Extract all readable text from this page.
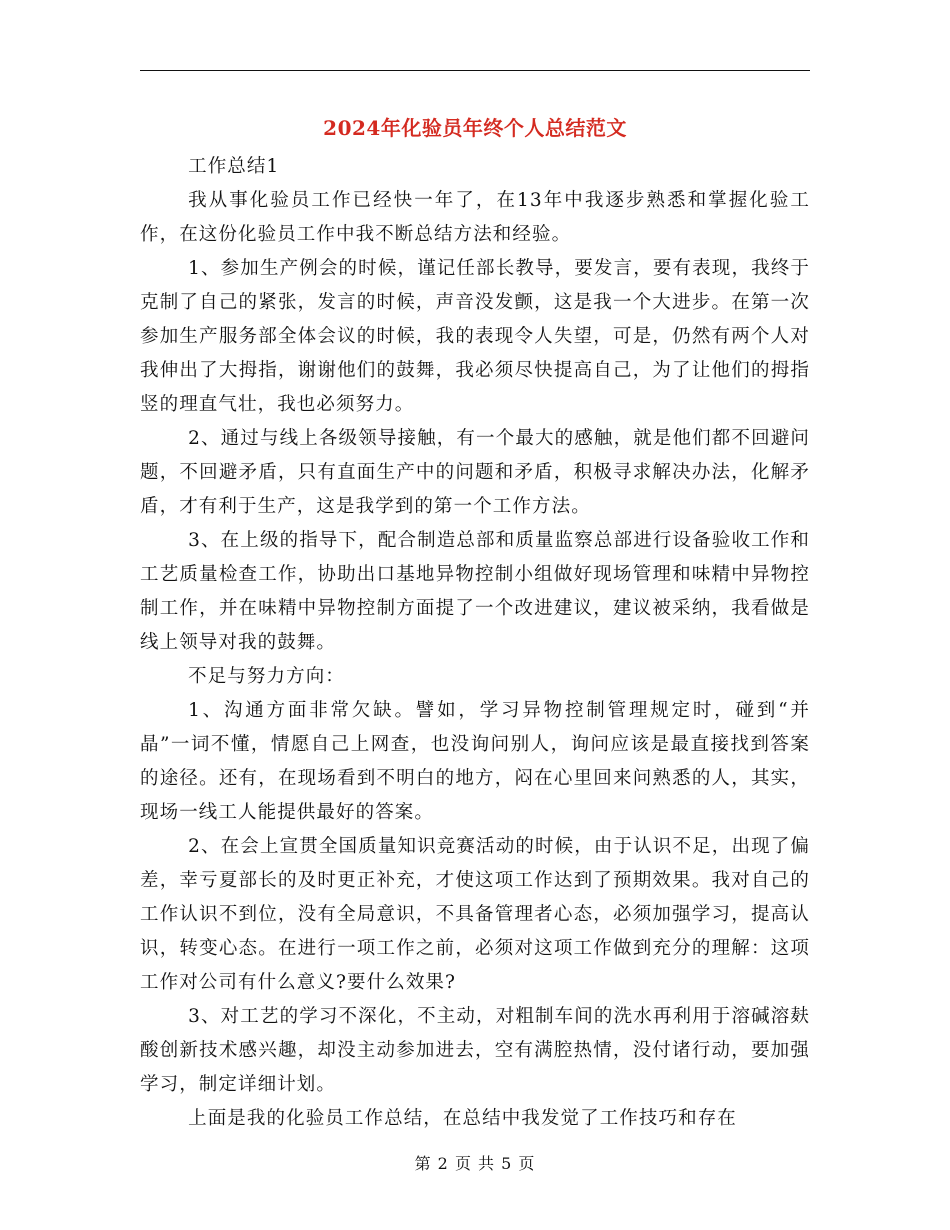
2024年化验员年终个人总结范文

工作总结1

我从事化验员工作已经快一年了，在13年中我逐步熟悉和掌握化验工作，在这份化验员工作中我不断总结方法和经验。

1、参加生产例会的时候，谨记任部长教导，要发言，要有表现，我终于克制了自己的紧张，发言的时候，声音没发颤，这是我一个大进步。在第一次参加生产服务部全体会议的时候，我的表现令人失望，可是，仍然有两个人对我伸出了大拇指，谢谢他们的鼓舞，我必须尽快提高自己，为了让他们的拇指竖的理直气壮，我也必须努力。

2、通过与线上各级领导接触，有一个最大的感触，就是他们都不回避问题，不回避矛盾，只有直面生产中的问题和矛盾，积极寻求解决办法，化解矛盾，才有利于生产，这是我学到的第一个工作方法。

3、在上级的指导下，配合制造总部和质量监察总部进行设备验收工作和工艺质量检查工作，协助出口基地异物控制小组做好现场管理和味精中异物控制工作，并在味精中异物控制方面提了一个改进建议，建议被采纳，我看做是线上领导对我的鼓舞。

不足与努力方向：

1、沟通方面非常欠缺。譬如，学习异物控制管理规定时，碰到“并晶”一词不懂，情愿自己上网查，也没询问别人，询问应该是最直接找到答案的途径。还有，在现场看到不明白的地方，闷在心里回来问熟悉的人，其实，现场一线工人能提供最好的答案。

2、在会上宣贯全国质量知识竞赛活动的时候，由于认识不足，出现了偏差，幸亏夏部长的及时更正补充，才使这项工作达到了预期效果。我对自己的工作认识不到位，没有全局意识，不具备管理者心态，必须加强学习，提高认识，转变心态。在进行一项工作之前，必须对这项工作做到充分的理解：这项工作对公司有什么意义?要什么效果?

3、对工艺的学习不深化，不主动，对粗制车间的洗水再利用于溶碱溶麸酸创新技术感兴趣，却没主动参加进去，空有满腔热情，没付诸行动，要加强学习，制定详细计划。

上面是我的化验员工作总结，在总结中我发觉了工作技巧和存在

第 2 页 共 5 页
